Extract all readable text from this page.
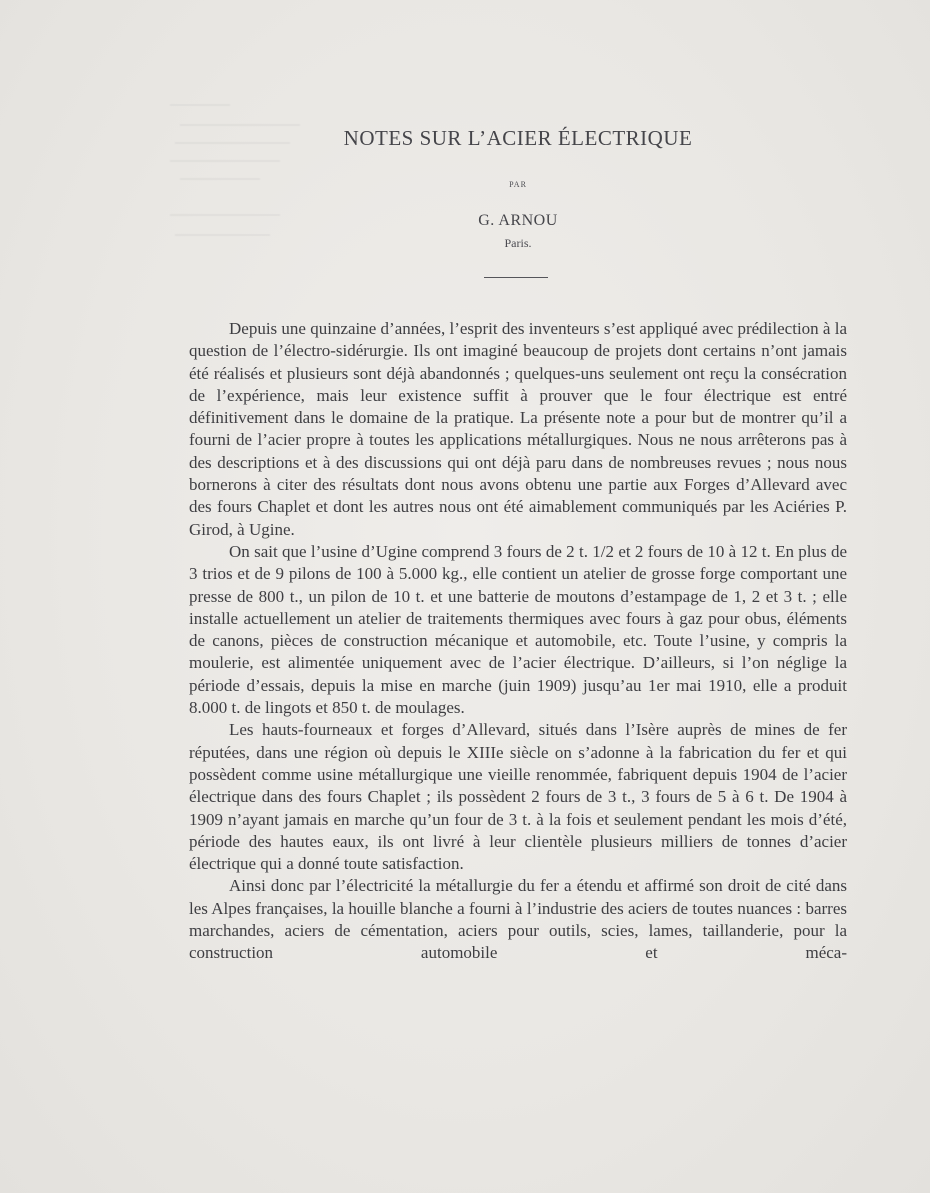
NOTES SUR L’ACIER ÉLECTRIQUE
PAR
G. ARNOU
Paris.

Depuis une quinzaine d’années, l’esprit des inventeurs s’est appliqué avec prédilection à la question de l’électro-sidérurgie. Ils ont imaginé beaucoup de projets dont certains n’ont jamais été réalisés et plusieurs sont déjà abandonnés ; quelques-uns seulement ont reçu la consécration de l’expérience, mais leur existence suffit à prouver que le four électrique est entré définitivement dans le domaine de la pratique. La présente note a pour but de montrer qu’il a fourni de l’acier propre à toutes les applications métallurgiques. Nous ne nous arrêterons pas à des descriptions et à des discussions qui ont déjà paru dans de nombreuses revues ; nous nous bornerons à citer des résultats dont nous avons obtenu une partie aux Forges d’Allevard avec des fours Chaplet et dont les autres nous ont été aimablement communiqués par les Aciéries P. Girod, à Ugine.

On sait que l’usine d’Ugine comprend 3 fours de 2 t. 1/2 et 2 fours de 10 à 12 t. En plus de 3 trios et de 9 pilons de 100 à 5.000 kg., elle contient un atelier de grosse forge comportant une presse de 800 t., un pilon de 10 t. et une batterie de moutons d’estampage de 1, 2 et 3 t. ; elle installe actuellement un atelier de traitements thermiques avec fours à gaz pour obus, éléments de canons, pièces de construction mécanique et automobile, etc. Toute l’usine, y compris la moulerie, est alimentée uniquement avec de l’acier électrique. D’ailleurs, si l’on néglige la période d’essais, depuis la mise en marche (juin 1909) jusqu’au 1er mai 1910, elle a produit 8.000 t. de lingots et 850 t. de moulages.

Les hauts-fourneaux et forges d’Allevard, situés dans l’Isère auprès de mines de fer réputées, dans une région où depuis le XIIIe siècle on s’adonne à la fabrication du fer et qui possèdent comme usine métallurgique une vieille renommée, fabriquent depuis 1904 de l’acier électrique dans des fours Chaplet ; ils possèdent 2 fours de 3 t., 3 fours de 5 à 6 t. De 1904 à 1909 n’ayant jamais en marche qu’un four de 3 t. à la fois et seulement pendant les mois d’été, période des hautes eaux, ils ont livré à leur clientèle plusieurs milliers de tonnes d’acier électrique qui a donné toute satisfaction.

Ainsi donc par l’électricité la métallurgie du fer a étendu et affirmé son droit de cité dans les Alpes françaises, la houille blanche a fourni à l’industrie des aciers de toutes nuances : barres marchandes, aciers de cémentation, aciers pour outils, scies, lames, taillanderie, pour la construction automobile et méca-
